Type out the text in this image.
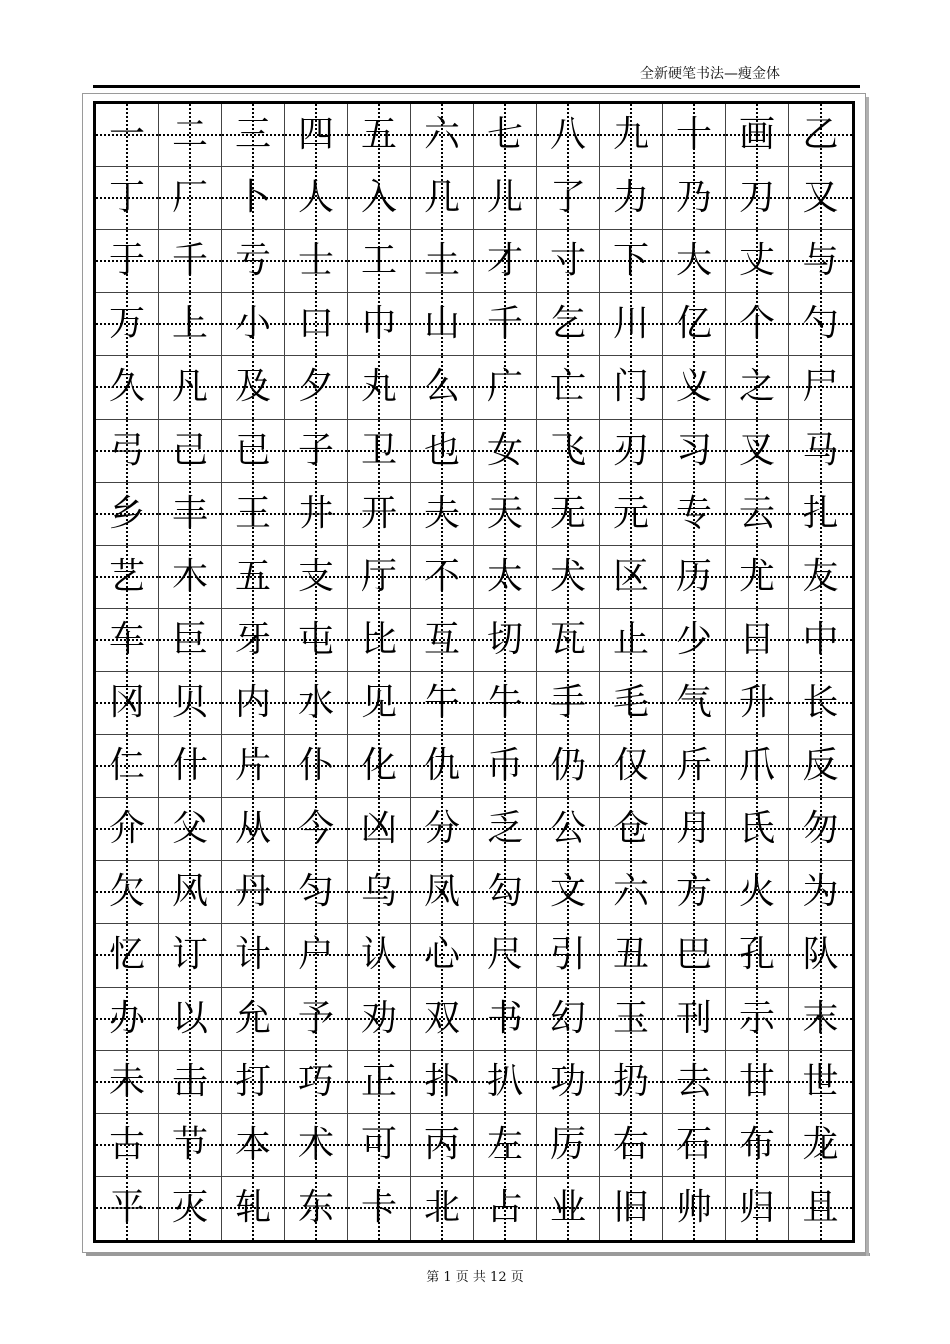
全新硬笔书法—瘦金体
一 二 三 四 五 六 七 八 九 十 画 乙
丁 厂 卜 人 入 几 儿 了 力 乃 刀 又
于 千 亏 士 工 土 才 寸 下 大 丈 与
万 上 小 口 巾 山 千 乞 川 亿 个 勺
久 凡 及 夕 丸 么 广 亡 门 义 之 尸
弓 己 已 子 卫 也 女 飞 刃 习 叉 马
乡 丰 王 井 开 夫 天 无 元 专 云 扎
艺 木 五 支 厅 不 太 犬 区 历 尤 友
车 巨 牙 屯 比 互 切 瓦 止 少 日 中
冈 贝 内 水 见 午 牛 手 毛 气 升 长
仁 什 片 仆 化 仇 币 仍 仅 斤 爪 反
介 父 从 今 凶 分 乏 公 仓 月 氏 勿
欠 风 丹 匀 乌 凤 勾 文 六 方 火 为
忆 订 计 户 认 心 尺 引 丑 巴 孔 队
办 以 允 予 劝 双 书 幻 玉 刊 示 末
未 击 打 巧 正 扑 扒 功 扔 去 甘 世
古 节 本 术 可 丙 左 厉 右 石 布 龙
平 灭 轧 东 卡 北 占 业 旧 帅 归 且
第 1 页 共 12 页
